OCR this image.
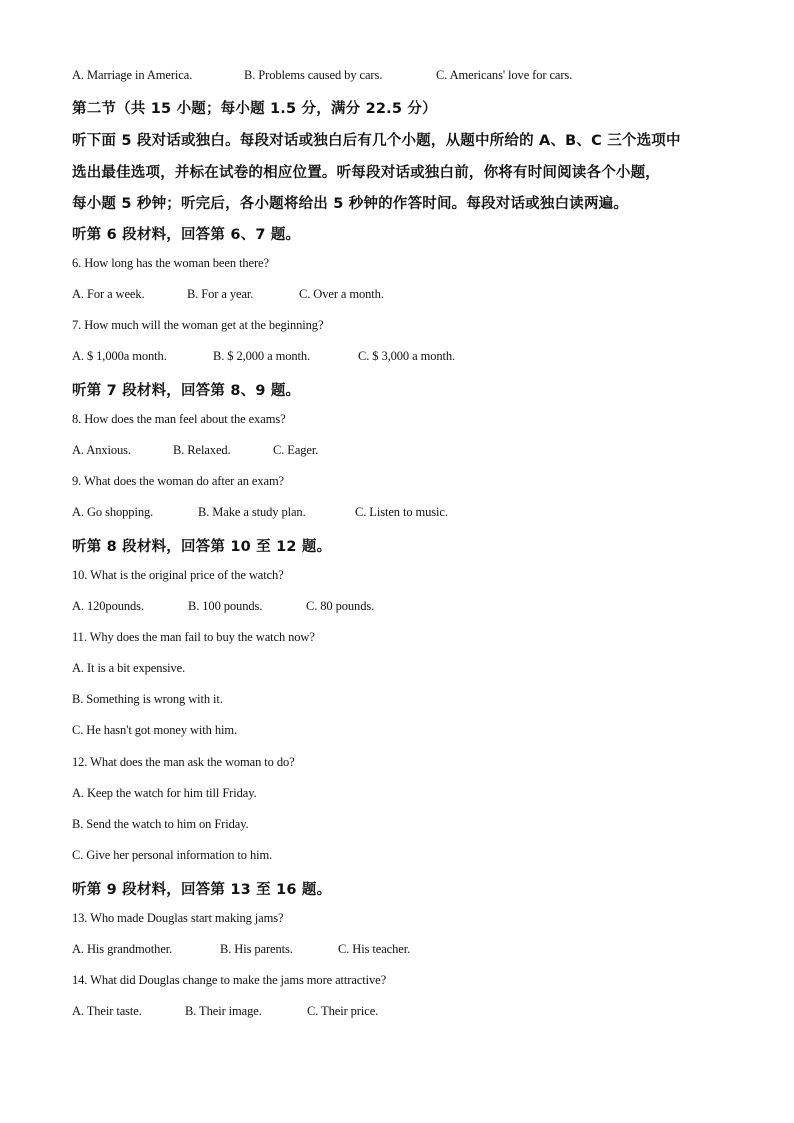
A. Marriage in America.	B. Problems caused by cars.	C. Americans' love for cars.
第二节（共 15 小题；每小题 1.5 分，满分 22.5 分）
听下面 5 段对话或独白。每段对话或独白后有几个小题，从题中所给的 A、B、C 三个选项中
选出最佳选项，并标在试卷的相应位置。听每段对话或独白前，你将有时间阅读各个小题，
每小题 5 秒钟；听完后，各小题将给出 5 秒钟的作答时间。每段对话或独白读两遍。
听第 6 段材料，回答第 6、7 题。
6. How long has the woman been there?
A. For a week.	B. For a year.	C. Over a month.
7. How much will the woman get at the beginning?
A. $ 1,000a month.	B. $ 2,000 a month.	C. $ 3,000 a month.
听第 7 段材料，回答第 8、9 题。
8. How does the man feel about the exams?
A. Anxious.	B. Relaxed.	C. Eager.
9. What does the woman do after an exam?
A. Go shopping.	B. Make a study plan.	C. Listen to music.
听第 8 段材料，回答第 10 至 12 题。
10. What is the original price of the watch?
A. 120pounds.	B. 100 pounds.	C. 80 pounds.
11. Why does the man fail to buy the watch now?
A. It is a bit expensive.
B. Something is wrong with it.
C. He hasn't got money with him.
12. What does the man ask the woman to do?
A. Keep the watch for him till Friday.
B. Send the watch to him on Friday.
C. Give her personal information to him.
听第 9 段材料，回答第 13 至 16 题。
13. Who made Douglas start making jams?
A. His grandmother.	B. His parents.	C. His teacher.
14. What did Douglas change to make the jams more attractive?
A. Their taste.	B. Their image.	C. Their price.
